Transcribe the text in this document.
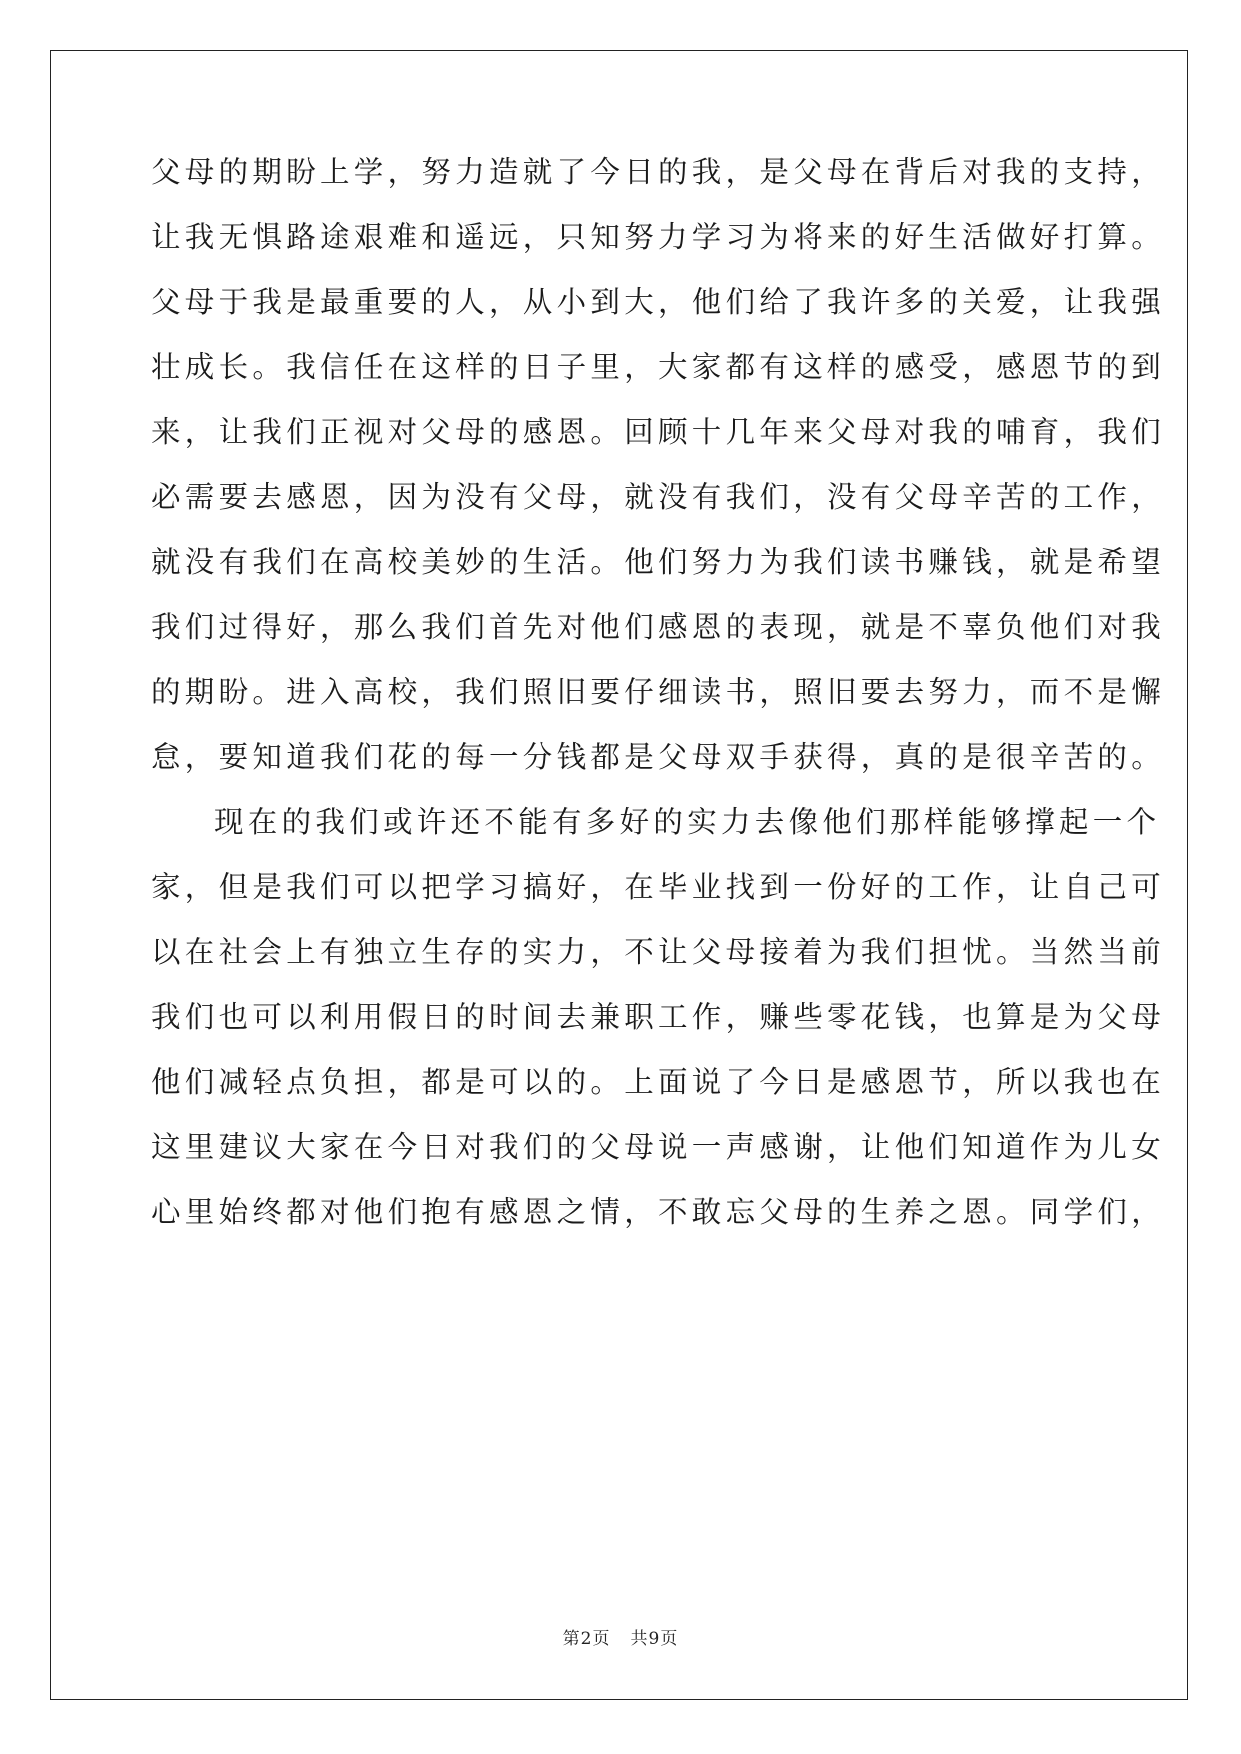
父母的期盼上学，努力造就了今日的我，是父母在背后对我的支持，
让我无惧路途艰难和遥远，只知努力学习为将来的好生活做好打算。
父母于我是最重要的人，从小到大，他们给了我许多的关爱，让我强
壮成长。我信任在这样的日子里，大家都有这样的感受，感恩节的到
来，让我们正视对父母的感恩。回顾十几年来父母对我的哺育，我们
必需要去感恩，因为没有父母，就没有我们，没有父母辛苦的工作，
就没有我们在高校美妙的生活。他们努力为我们读书赚钱，就是希望
我们过得好，那么我们首先对他们感恩的表现，就是不辜负他们对我
的期盼。进入高校，我们照旧要仔细读书，照旧要去努力，而不是懈
怠，要知道我们花的每一分钱都是父母双手获得，真的是很辛苦的。
现在的我们或许还不能有多好的实力去像他们那样能够撑起一个
家，但是我们可以把学习搞好，在毕业找到一份好的工作，让自己可
以在社会上有独立生存的实力，不让父母接着为我们担忧。当然当前
我们也可以利用假日的时间去兼职工作，赚些零花钱，也算是为父母
他们减轻点负担，都是可以的。上面说了今日是感恩节，所以我也在
这里建议大家在今日对我们的父母说一声感谢，让他们知道作为儿女
心里始终都对他们抱有感恩之情，不敢忘父母的生养之恩。同学们，
第2页 共9页
